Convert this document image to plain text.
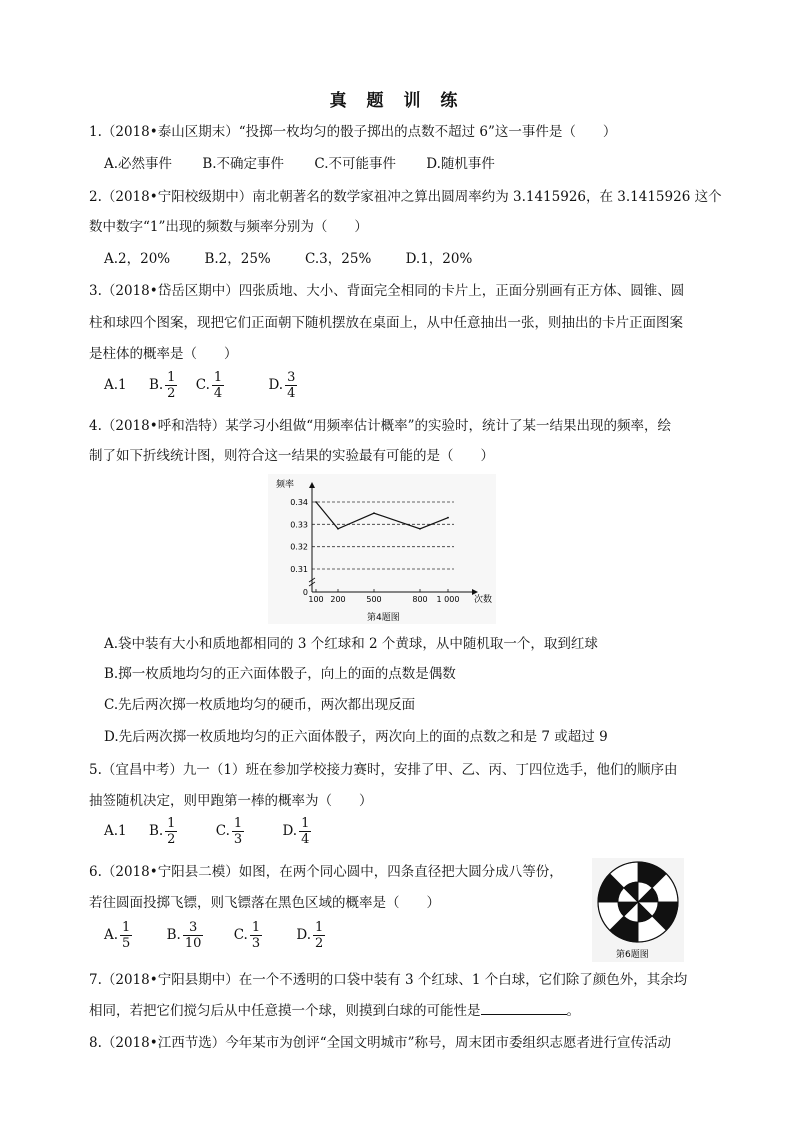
真 题 训 练
1.（2018•泰山区期末）“投掷一枚均匀的骰子掷出的点数不超过 6”这一事件是（　　）
A.必然事件 B.不确定事件 C.不可能事件 D.随机事件
2.（2018•宁阳校级期中）南北朝著名的数学家祖冲之算出圆周率约为 3.1415926，在 3.1415926 这个
数中数字“1”出现的频数与频率分别为（　　）
A.2，20%	B.2，25%	C.3，25%	D.1，20%
3.（2018•岱岳区期中）四张质地、大小、背面完全相同的卡片上，正面分别画有正方体、圆锥、圆
柱和球四个图案，现把它们正面朝下随机摆放在桌面上，从中任意抽出一张，则抽出的卡片正面图案
是柱体的概率是（　　）
A.1 B. $\frac{1}{2} C$. $\frac{1}{4}$	D. $\frac{3}{4}$
4.（2018•呼和浩特）某学习小组做“用频率估计概率”的实验时，统计了某一结果出现的频率，绘
制了如下折线统计图，则符合这一结果的实验最有可能的是（　　）
0
0.31
0.32
0.33
0.34
100 200	500	800 1 000
频率
次数
第4题图
A.袋中装有大小和质地都相同的 3 个红球和 2 个黄球，从中随机取一个，取到红球
B.掷一枚质地均匀的正六面体骰子，向上的面的点数是偶数
C.先后两次掷一枚质地均匀的硬币，两次都出现反面
D.先后两次掷一枚质地均匀的正六面体骰子，两次向上的面的点数之和是 7 或超过 9
5.（宜昌中考）九一（1）班在参加学校接力赛时，安排了甲、乙、丙、丁四位选手，他们的顺序由
抽签随机决定，则甲跑第一棒的概率为（　　）
A.1 B. $\frac{1}{2}$	C. $\frac{1}{3}$	D. $\frac{1}{4}$
6.（2018•宁阳县二模）如图，在两个同心圆中，四条直径把大圆分成八等份，
若往圆面投掷飞镖，则飞镖落在黑色区域的概率是（　　）
A. $\frac{1}{5}$	B. $\frac{3}{10} C$. $\frac{1}{3}$	D. $\frac{1}{2}$
第6题图
7.（2018•宁阳县期中）在一个不透明的口袋中装有 3 个红球、1 个白球，它们除了颜色外，其余均
相同，若把它们搅匀后从中任意摸一个球，则摸到白球的可能性是	。
8.（2018•江西节选）今年某市为创评“全国文明城市”称号，周末团市委组织志愿者进行宣传活动
